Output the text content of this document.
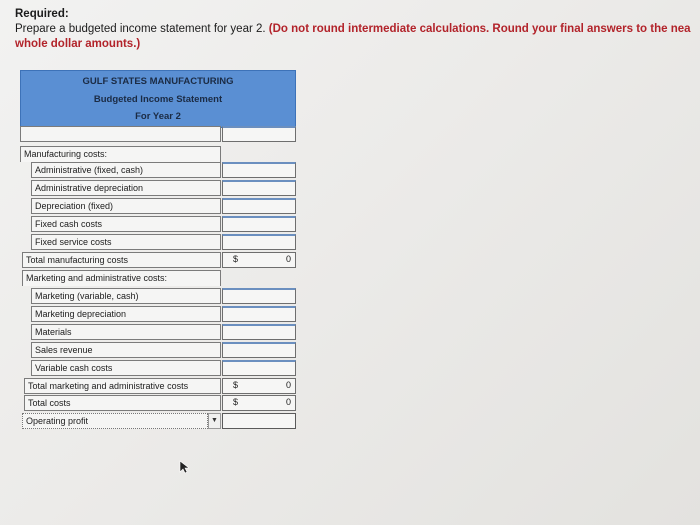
Required:
Prepare a budgeted income statement for year 2. (Do not round intermediate calculations. Round your final answers to the nea
whole dollar amounts.)
GULF STATES MANUFACTURING
Budgeted Income Statement
For Year 2
Manufacturing costs:
Administrative (fixed, cash)
Administrative depreciation
Depreciation (fixed)
Fixed cash costs
Fixed service costs
Total manufacturing costs	$	0
Marketing and administrative costs:
Marketing (variable, cash)
Marketing depreciation
Materials
Sales revenue
Variable cash costs
Total marketing and administrative costs	$	0
Total costs	$	0
Operating profit	▼
